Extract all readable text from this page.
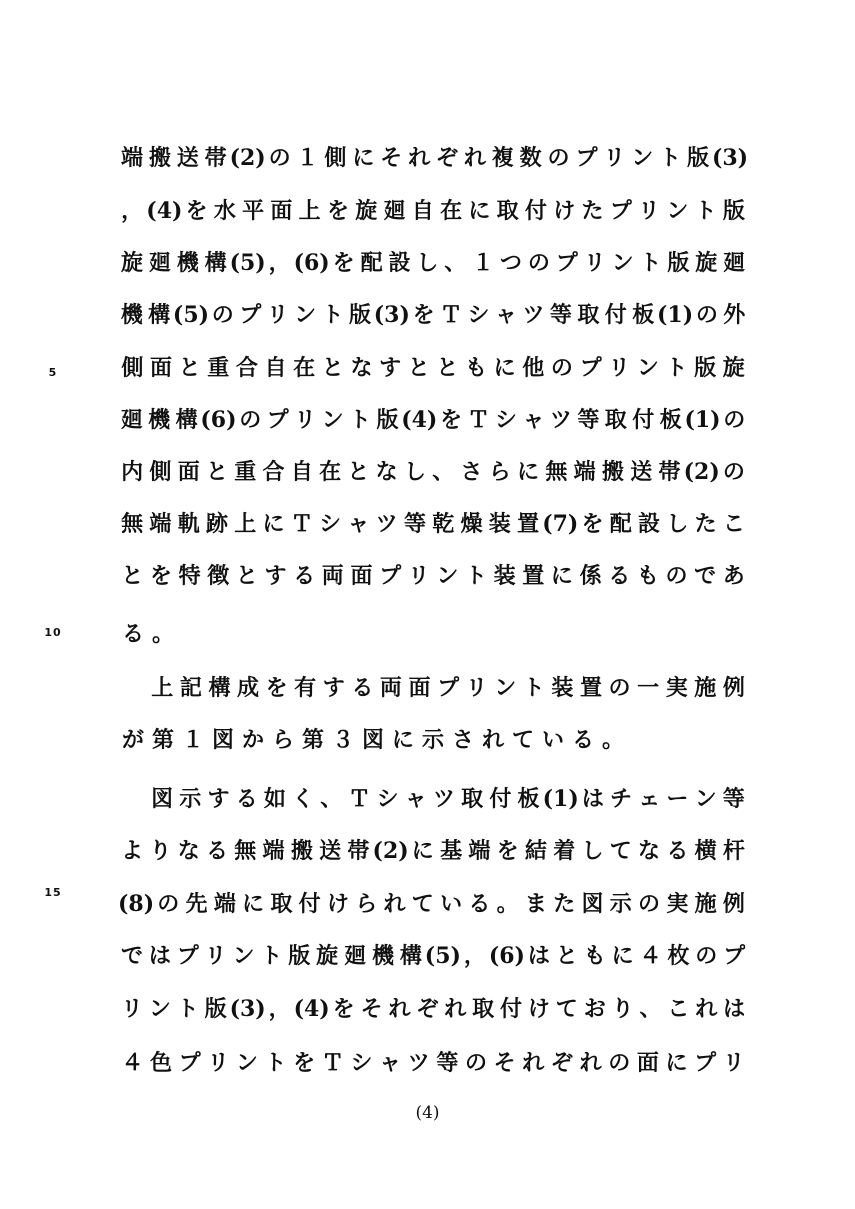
端 搬 送 帯 (2) の １ 側 に そ れ ぞ れ 複 数 の プ リ ン ト 版 (3)
， (4) を 水 平 面 上 を 旋 廻 自 在 に 取 付 け た プ リ ン ト 版
旋 廻 機 構 (5) ， (6) を 配 設 し 、 １ つ の プ リ ン ト 版 旋 廻
機 構 (5) の プ リ ン ト 版 (3) を Ｔ シ ャ ツ 等 取 付 板 (1) の 外
側 面 と 重 合 自 在 と な す と と も に 他 の プ リ ン ト 版 旋
廻 機 構 (6) の プ リ ン ト 版 (4) を Ｔ シ ャ ツ 等 取 付 板 (1) の
内 側 面 と 重 合 自 在 と な し 、 さ ら に 無 端 搬 送 帯 (2) の
無 端 軌 跡 上 に Ｔ シ ャ ツ 等 乾 燥 装 置 (7) を 配 設 し た こ
と を 特 徴 と す る 両 面 プ リ ン ト 装 置 に 係 る も の で あ
る 。
上 記 構 成 を 有 す る 両 面 プ リ ン ト 装 置 の 一 実 施 例
が 第 １ 図 か ら 第 ３ 図 に 示 さ れ て い る 。
図 示 す る 如 く 、 Ｔ シ ャ ツ 取 付 板 (1) は チ ェ ー ン 等
よ り な る 無 端 搬 送 帯 (2) に 基 端 を 結 着 し て な る 横 杆
(8) の 先 端 に 取 付 け ら れ て い る 。 ま た 図 示 の 実 施 例
で は プ リ ン ト 版 旋 廻 機 構 (5) ， (6) は と も に ４ 枚 の プ
リ ン ト 版 (3) ， (4) を そ れ ぞ れ 取 付 け て お り 、 こ れ は
４ 色 プ リ ン ト を Ｔ シ ャ ツ 等 の そ れ ぞ れ の 面 に プ リ
5
10
15
(4)
